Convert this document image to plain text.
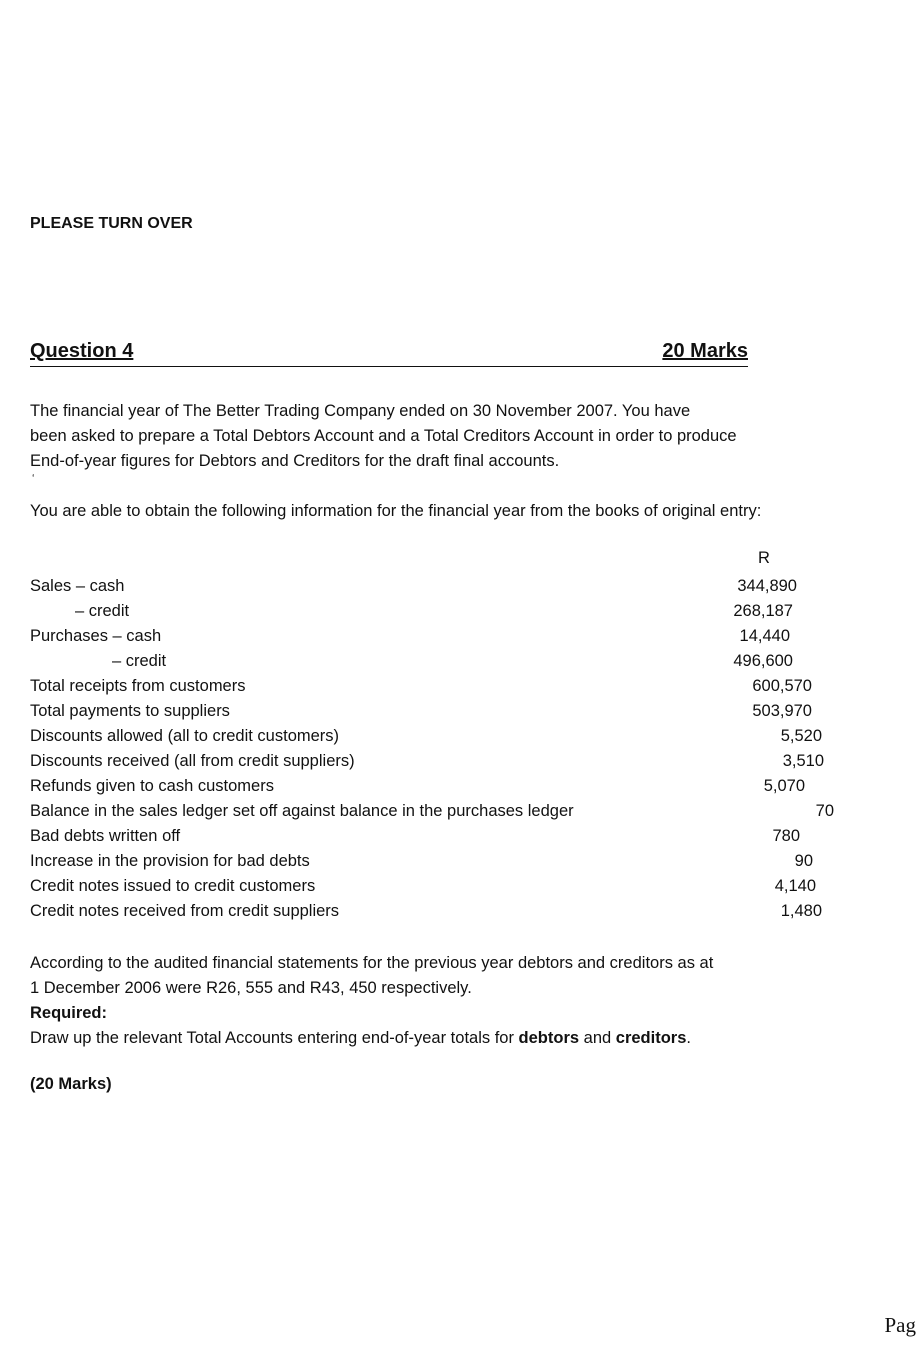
PLEASE TURN OVER
Question 4	20 Marks
The financial year of The Better Trading Company ended on 30 November 2007. You have
been asked to prepare a Total Debtors Account and a Total Creditors Account in order to produce
End-of-year figures for Debtors and Creditors for the draft final accounts.
ʻ
You are able to obtain the following information for the financial year from the books of original entry:
R
Sales – cash	344,890
– credit	268,187
Purchases – cash	14,440
– credit	496,600
Total receipts from customers	600,570
Total payments to suppliers	503,970
Discounts allowed (all to credit customers)	5,520
Discounts received (all from credit suppliers)	3,510
Refunds given to cash customers	5,070
Balance in the sales ledger set off against balance in the purchases ledger	70
Bad debts written off	780
Increase in the provision for bad debts	90
Credit notes issued to credit customers	4,140
Credit notes received from credit suppliers	1,480
According to the audited financial statements for the previous year debtors and creditors as at
1 December 2006 were R26, 555 and R43, 450 respectively.
Required:
Draw up the relevant Total Accounts entering end-of-year totals for debtors and creditors.
(20 Marks)
Pag
